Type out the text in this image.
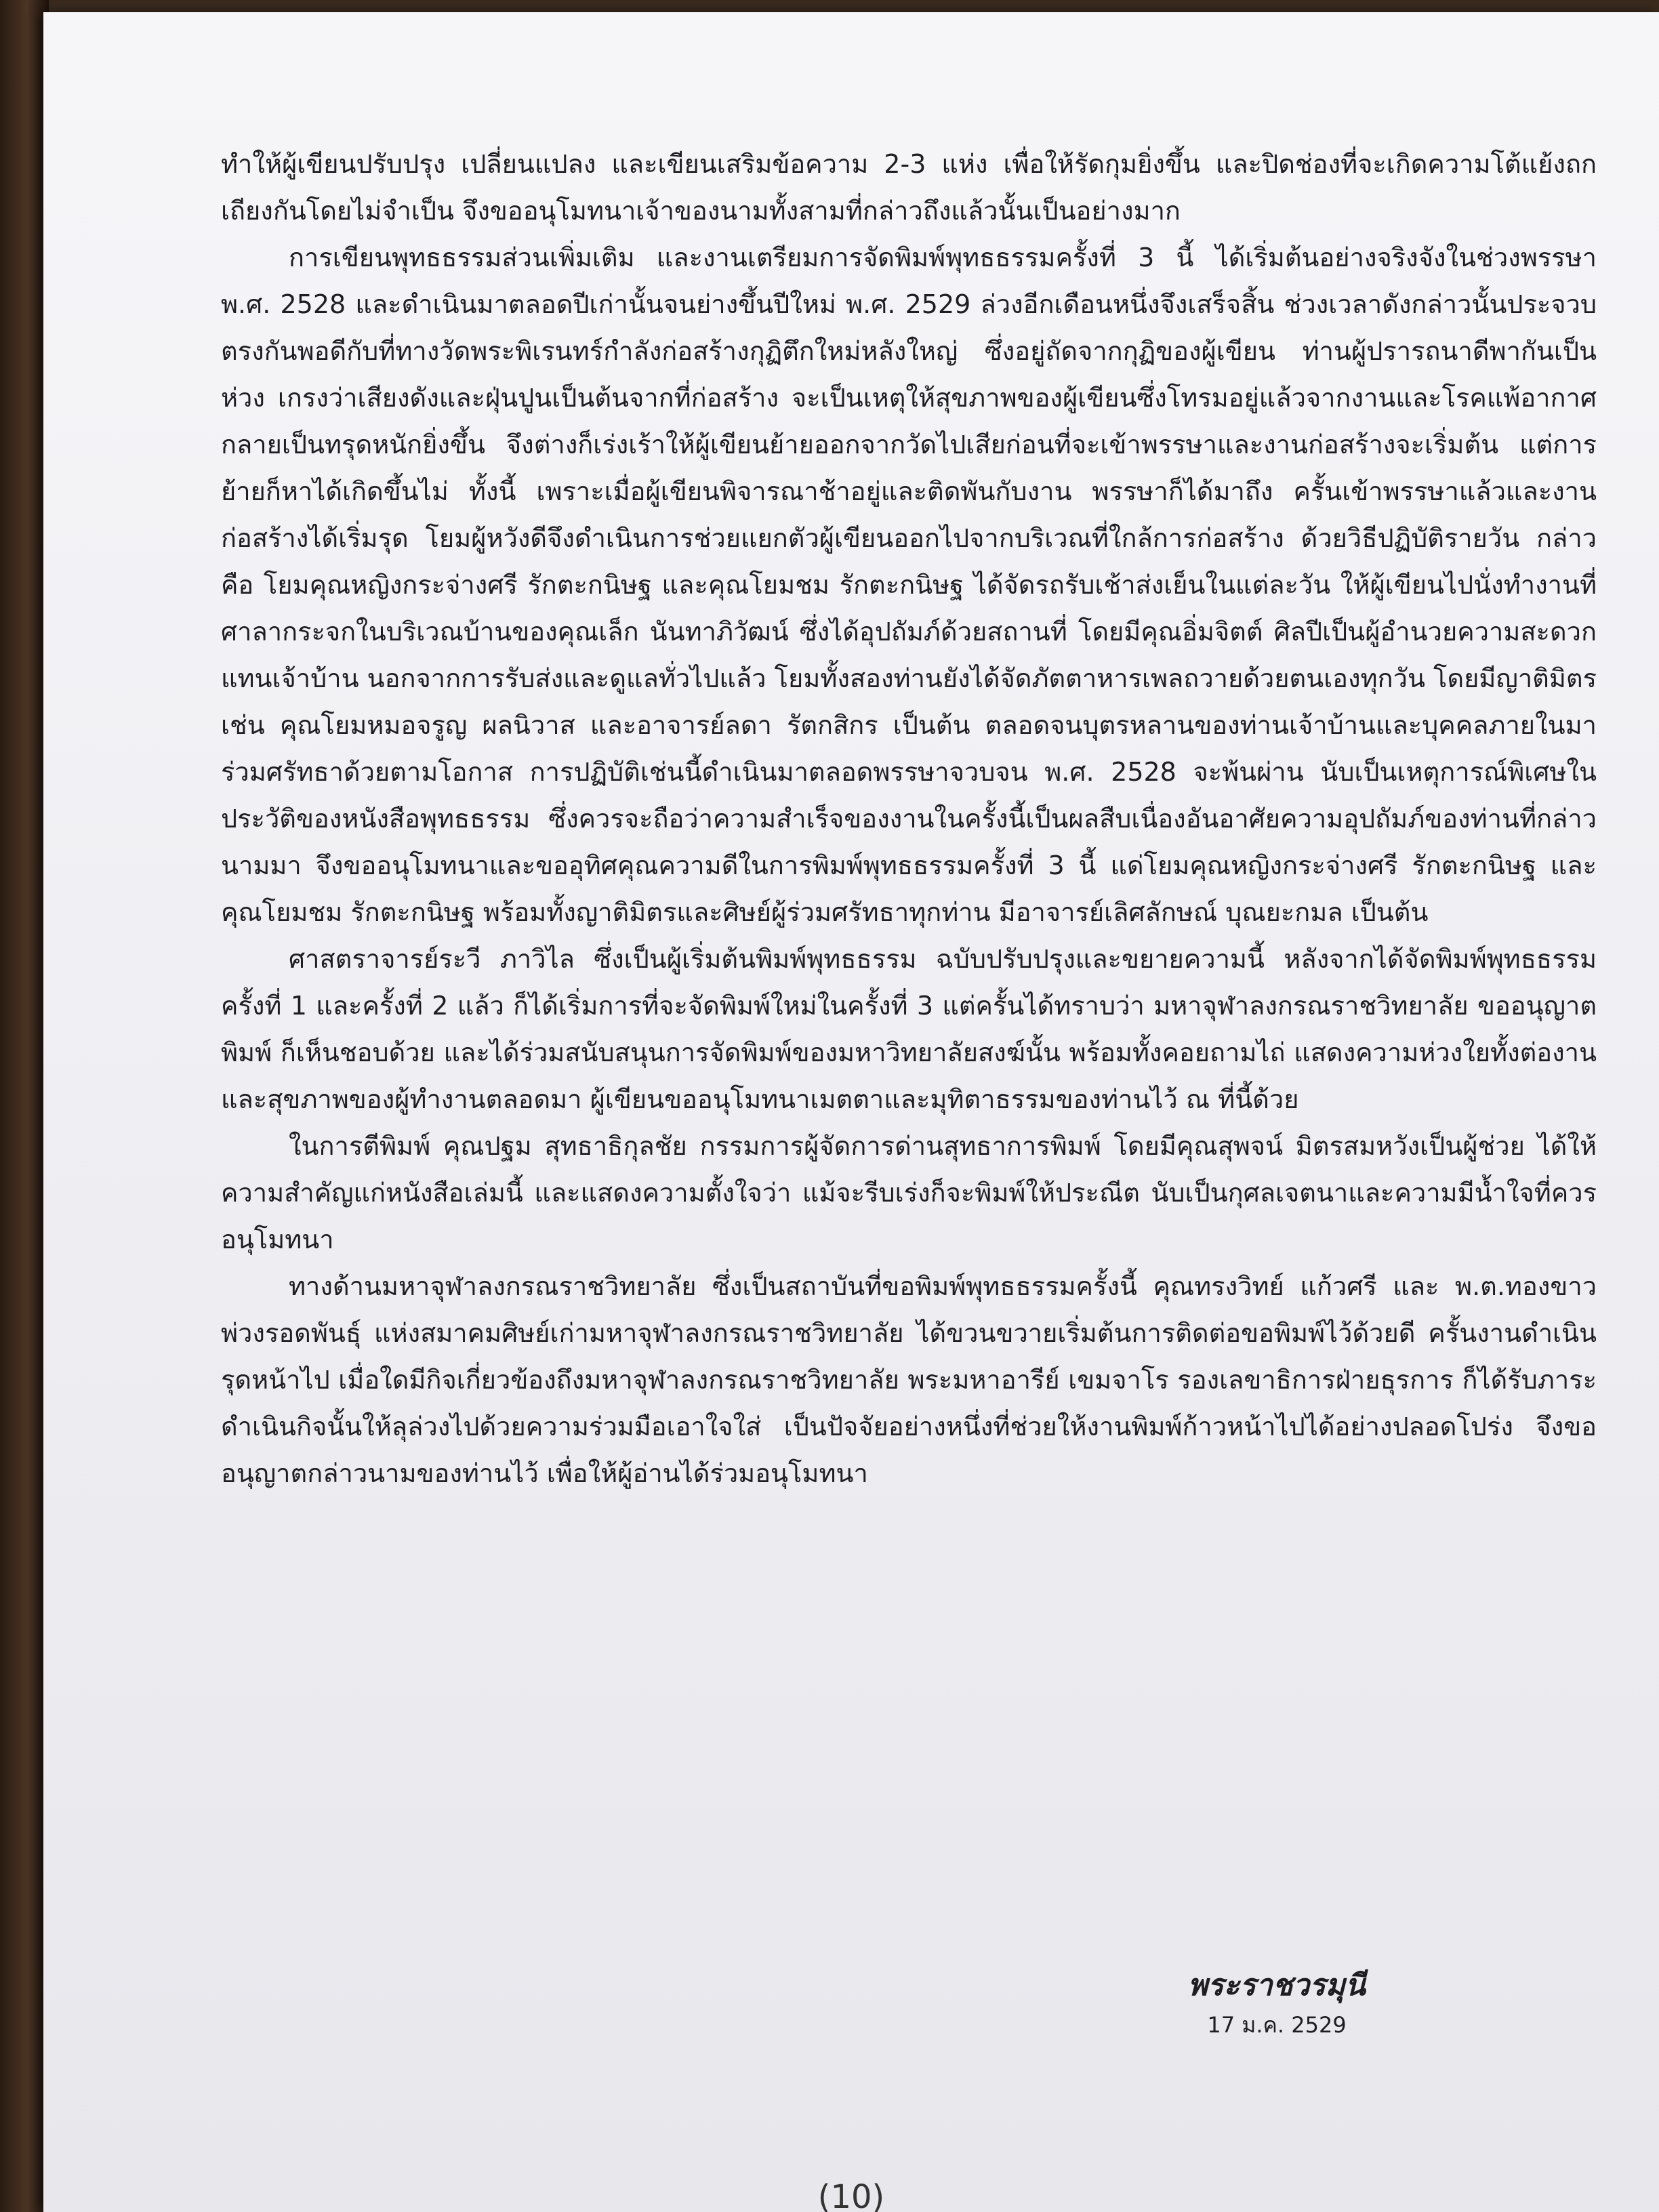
ทำให้ผู้เขียนปรับปรุง เปลี่ยนแปลง และเขียนเสริมข้อความ 2-3 แห่ง เพื่อให้รัดกุมยิ่งขึ้น และปิดช่องที่จะเกิดความโต้แย้งถกเถียงกันโดยไม่จำเป็น จึงขออนุโมทนาเจ้าของนามทั้งสามที่กล่าวถึงแล้วนั้นเป็นอย่างมาก

การเขียนพุทธธรรมส่วนเพิ่มเติม และงานเตรียมการจัดพิมพ์พุทธธรรมครั้งที่ 3 นี้ ได้เริ่มต้นอย่างจริงจังในช่วงพรรษา พ.ศ. 2528 และดำเนินมาตลอดปีเก่านั้นจนย่างขึ้นปีใหม่ พ.ศ. 2529 ล่วงอีกเดือนหนึ่งจึงเสร็จสิ้น ช่วงเวลาดังกล่าวนั้นประจวบตรงกันพอดีกับที่ทางวัดพระพิเรนทร์กำลังก่อสร้างกุฏิตึกใหม่หลังใหญ่ ซึ่งอยู่ถัดจากกุฏิของผู้เขียน ท่านผู้ปรารถนาดีพากันเป็นห่วง เกรงว่าเสียงดังและฝุ่นปูนเป็นต้นจากที่ก่อสร้าง จะเป็นเหตุให้สุขภาพของผู้เขียนซึ่งโทรมอยู่แล้วจากงานและโรคแพ้อากาศ กลายเป็นทรุดหนักยิ่งขึ้น จึงต่างก็เร่งเร้าให้ผู้เขียนย้ายออกจากวัดไปเสียก่อนที่จะเข้าพรรษาและงานก่อสร้างจะเริ่มต้น แต่การย้ายก็หาได้เกิดขึ้นไม่ ทั้งนี้ เพราะเมื่อผู้เขียนพิจารณาช้าอยู่และติดพันกับงาน พรรษาก็ได้มาถึง ครั้นเข้าพรรษาแล้วและงานก่อสร้างได้เริ่มรุด โยมผู้หวังดีจึงดำเนินการช่วยแยกตัวผู้เขียนออกไปจากบริเวณที่ใกล้การก่อสร้าง ด้วยวิธีปฏิบัติรายวัน กล่าวคือ โยมคุณหญิงกระจ่างศรี รักตะกนิษฐ และคุณโยมชม รักตะกนิษฐ ได้จัดรถรับเช้าส่งเย็นในแต่ละวัน ให้ผู้เขียนไปนั่งทำงานที่ศาลากระจกในบริเวณบ้านของคุณเล็ก นันทาภิวัฒน์ ซึ่งได้อุปถัมภ์ด้วยสถานที่ โดยมีคุณอิ่มจิตต์ ศิลปีเป็นผู้อำนวยความสะดวกแทนเจ้าบ้าน นอกจากการรับส่งและดูแลทั่วไปแล้ว โยมทั้งสองท่านยังได้จัดภัตตาหารเพลถวายด้วยตนเองทุกวัน โดยมีญาติมิตรเช่น คุณโยมหมอจรูญ ผลนิวาส และอาจารย์ลดา รัตกสิกร เป็นต้น ตลอดจนบุตรหลานของท่านเจ้าบ้านและบุคคลภายในมาร่วมศรัทธาด้วยตามโอกาส การปฏิบัติเช่นนี้ดำเนินมาตลอดพรรษาจวบจน พ.ศ. 2528 จะพ้นผ่าน นับเป็นเหตุการณ์พิเศษในประวัติของหนังสือพุทธธรรม ซึ่งควรจะถือว่าความสำเร็จของงานในครั้งนี้เป็นผลสืบเนื่องอันอาศัยความอุปถัมภ์ของท่านที่กล่าวนามมา จึงขออนุโมทนาและขออุทิศคุณความดีในการพิมพ์พุทธธรรมครั้งที่ 3 นี้ แด่โยมคุณหญิงกระจ่างศรี รักตะกนิษฐ และคุณโยมชม รักตะกนิษฐ พร้อมทั้งญาติมิตรและศิษย์ผู้ร่วมศรัทธาทุกท่าน มีอาจารย์เลิศลักษณ์ บุณยะกมล เป็นต้น

ศาสตราจารย์ระวี ภาวิไล ซึ่งเป็นผู้เริ่มต้นพิมพ์พุทธธรรม ฉบับปรับปรุงและขยายความนี้ หลังจากได้จัดพิมพ์พุทธธรรม ครั้งที่ 1 และครั้งที่ 2 แล้ว ก็ได้เริ่มการที่จะจัดพิมพ์ใหม่ในครั้งที่ 3 แต่ครั้นได้ทราบว่า มหาจุฬาลงกรณราชวิทยาลัย ขออนุญาตพิมพ์ ก็เห็นชอบด้วย และได้ร่วมสนับสนุนการจัดพิมพ์ของมหาวิทยาลัยสงฆ์นั้น พร้อมทั้งคอยถามไถ่ แสดงความห่วงใยทั้งต่องานและสุขภาพของผู้ทำงานตลอดมา ผู้เขียนขออนุโมทนาเมตตาและมุทิตาธรรมของท่านไว้ ณ ที่นี้ด้วย

ในการตีพิมพ์ คุณปฐม สุทธาธิกุลชัย กรรมการผู้จัดการด่านสุทธาการพิมพ์ โดยมีคุณสุพจน์ มิตรสมหวังเป็นผู้ช่วย ได้ให้ความสำคัญแก่หนังสือเล่มนี้ และแสดงความตั้งใจว่า แม้จะรีบเร่งก็จะพิมพ์ให้ประณีต นับเป็นกุศลเจตนาและความมีน้ำใจที่ควรอนุโมทนา

ทางด้านมหาจุฬาลงกรณราชวิทยาลัย ซึ่งเป็นสถาบันที่ขอพิมพ์พุทธธรรมครั้งนี้ คุณทรงวิทย์ แก้วศรี และ พ.ต.ทองขาว พ่วงรอดพันธุ์ แห่งสมาคมศิษย์เก่ามหาจุฬาลงกรณราชวิทยาลัย ได้ขวนขวายเริ่มต้นการติดต่อขอพิมพ์ไว้ด้วยดี ครั้นงานดำเนินรุดหน้าไป เมื่อใดมีกิจเกี่ยวข้องถึงมหาจุฬาลงกรณราชวิทยาลัย พระมหาอารีย์ เขมจาโร รองเลขาธิการฝ่ายธุรการ ก็ได้รับภาระดำเนินกิจนั้นให้ลุล่วงไปด้วยความร่วมมือเอาใจใส่ เป็นปัจจัยอย่างหนึ่งที่ช่วยให้งานพิมพ์ก้าวหน้าไปได้อย่างปลอดโปร่ง จึงขออนุญาตกล่าวนามของท่านไว้ เพื่อให้ผู้อ่านได้ร่วมอนุโมทนา

พระราชวรมุนี
17 ม.ค. 2529
(10)
